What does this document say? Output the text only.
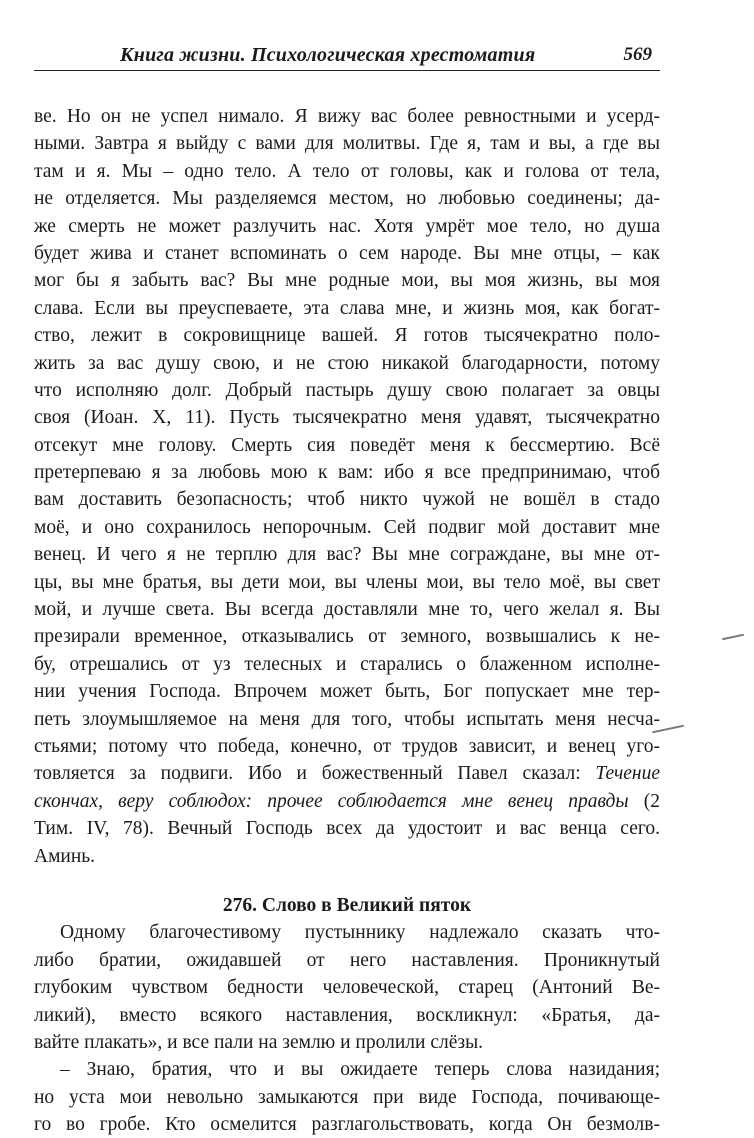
Книга жизни. Психологическая хрестоматия	569
ве. Но он не успел нимало. Я вижу вас более ревностными и усерд-
ными. Завтра я выйду с вами для молитвы. Где я, там и вы, а где вы
там и я. Мы – одно тело. А тело от головы, как и голова от тела,
не отделяется. Мы разделяемся местом, но любовью соединены; да-
же смерть не может разлучить нас. Хотя умрёт мое тело, но душа
будет жива и станет вспоминать о сем народе. Вы мне отцы, – как
мог бы я забыть вас? Вы мне родные мои, вы моя жизнь, вы моя
слава. Если вы преуспеваете, эта слава мне, и жизнь моя, как богат-
ство, лежит в сокровищнице вашей. Я готов тысячекратно поло-
жить за вас душу свою, и не стою никакой благодарности, потому
что исполняю долг. Добрый пастырь душу свою полагает за овцы
своя (Иоан. X, 11). Пусть тысячекратно меня удавят, тысячекратно
отсекут мне голову. Смерть сия поведёт меня к бессмертию. Всё
претерпеваю я за любовь мою к вам: ибо я все предпринимаю, чтоб
вам доставить безопасность; чтоб никто чужой не вошёл в стадо
моё, и оно сохранилось непорочным. Сей подвиг мой доставит мне
венец. И чего я не терплю для вас? Вы мне сограждане, вы мне от-
цы, вы мне братья, вы дети мои, вы члены мои, вы тело моё, вы свет
мой, и лучше света. Вы всегда доставляли мне то, чего желал я. Вы
презирали временное, отказывались от земного, возвышались к не-
бу, отрешались от уз телесных и старались о блаженном исполне-
нии учения Господа. Впрочем может быть, Бог попускает мне тер-
петь злоумышляемое на меня для того, чтобы испытать меня несча-
стьями; потому что победа, конечно, от трудов зависит, и венец уго-
товляется за подвиги. Ибо и божественный Павел сказал: Течение
скончах, веру соблюдох: прочее соблюдается мне венец правды (2
Тим. IV, 78). Вечный Господь всех да удостоит и вас венца сего.
Аминь.
276. Слово в Великий пяток
Одному благочестивому пустыннику надлежало сказать что-
либо братии, ожидавшей от него наставления. Проникнутый
глубоким чувством бедности человеческой, старец (Антоний Ве-
ликий), вместо всякого наставления, воскликнул: «Братья, да-
вайте плакать», и все пали на землю и пролили слёзы.
– Знаю, братия, что и вы ожидаете теперь слова назидания;
но уста мои невольно замыкаются при виде Господа, почивающе-
го во гробе. Кто осмелится разглагольствовать, когда Он безмолв-
